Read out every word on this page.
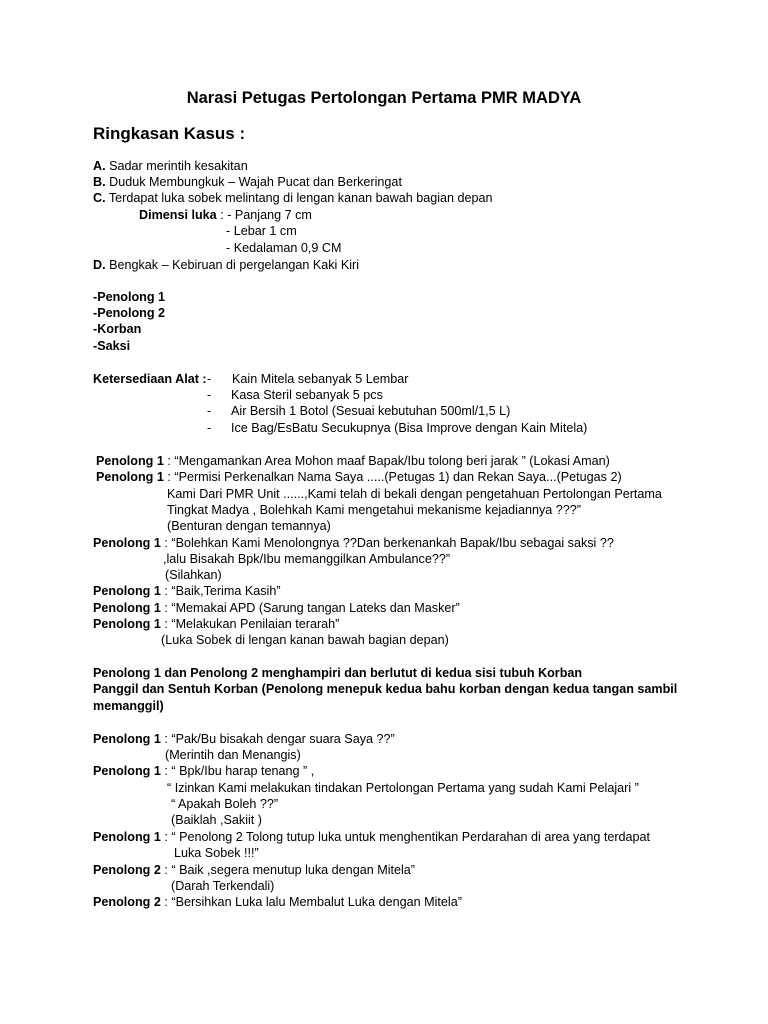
Narasi Petugas Pertolongan Pertama PMR MADYA
Ringkasan Kasus :

A. Sadar merintih kesakitan

B. Duduk Membungkuk – Wajah Pucat dan Berkeringat

C. Terdapat luka sobek melintang di lengan kanan bawah bagian depan

Dimensi luka : - Panjang 7 cm

- Lebar 1 cm

- Kedalaman 0,9 CM

D. Bengkak – Kebiruan di pergelangan Kaki Kiri

-Penolong 1

-Penolong 2

-Korban

-Saksi

Ketersediaan Alat : - Kain Mitela sebanyak 5 Lembar

- Kasa Steril sebanyak 5 pcs

- Air Bersih 1 Botol (Sesuai kebutuhan 500ml/1,5 L)

- Ice Bag/EsBatu Secukupnya (Bisa Improve dengan Kain Mitela)

Penolong 1 : “Mengamankan Area Mohon maaf Bapak/Ibu tolong beri jarak ” (Lokasi Aman)

Penolong 1 : “Permisi Perkenalkan Nama Saya .....(Petugas 1) dan Rekan Saya...(Petugas 2)

Kami Dari PMR Unit ......,Kami telah di bekali dengan pengetahuan Pertolongan Pertama

Tingkat Madya , Bolehkah Kami mengetahui mekanisme kejadiannya ???”

(Benturan dengan temannya)

Penolong 1 : “Bolehkan Kami Menolongnya ??Dan berkenankah Bapak/Ibu sebagai saksi ??

,lalu Bisakah Bpk/Ibu memanggilkan Ambulance??”

(Silahkan)

Penolong 1 : “Baik,Terima Kasih”

Penolong 1 : “Memakai APD (Sarung tangan Lateks dan Masker”

Penolong 1 : “Melakukan Penilaian terarah”

(Luka Sobek di lengan kanan bawah bagian depan)

Penolong 1 dan Penolong 2 menghampiri dan berlutut di kedua sisi tubuh Korban

Panggil dan Sentuh Korban (Penolong menepuk kedua bahu korban dengan kedua tangan sambil

memanggil)

Penolong 1 : “Pak/Bu bisakah dengar suara Saya ??”

(Merintih dan Menangis)

Penolong 1 : “ Bpk/Ibu harap tenang ” ,

“ Izinkan Kami melakukan tindakan Pertolongan Pertama yang sudah Kami Pelajari ”

“ Apakah Boleh ??”

(Baiklah ,Sakiit )

Penolong 1 : “ Penolong 2 Tolong tutup luka untuk menghentikan Perdarahan di area yang terdapat

Luka Sobek !!!”

Penolong 2 : “ Baik ,segera menutup luka dengan Mitela”

(Darah Terkendali)

Penolong 2 : “Bersihkan Luka lalu Membalut Luka dengan Mitela”
